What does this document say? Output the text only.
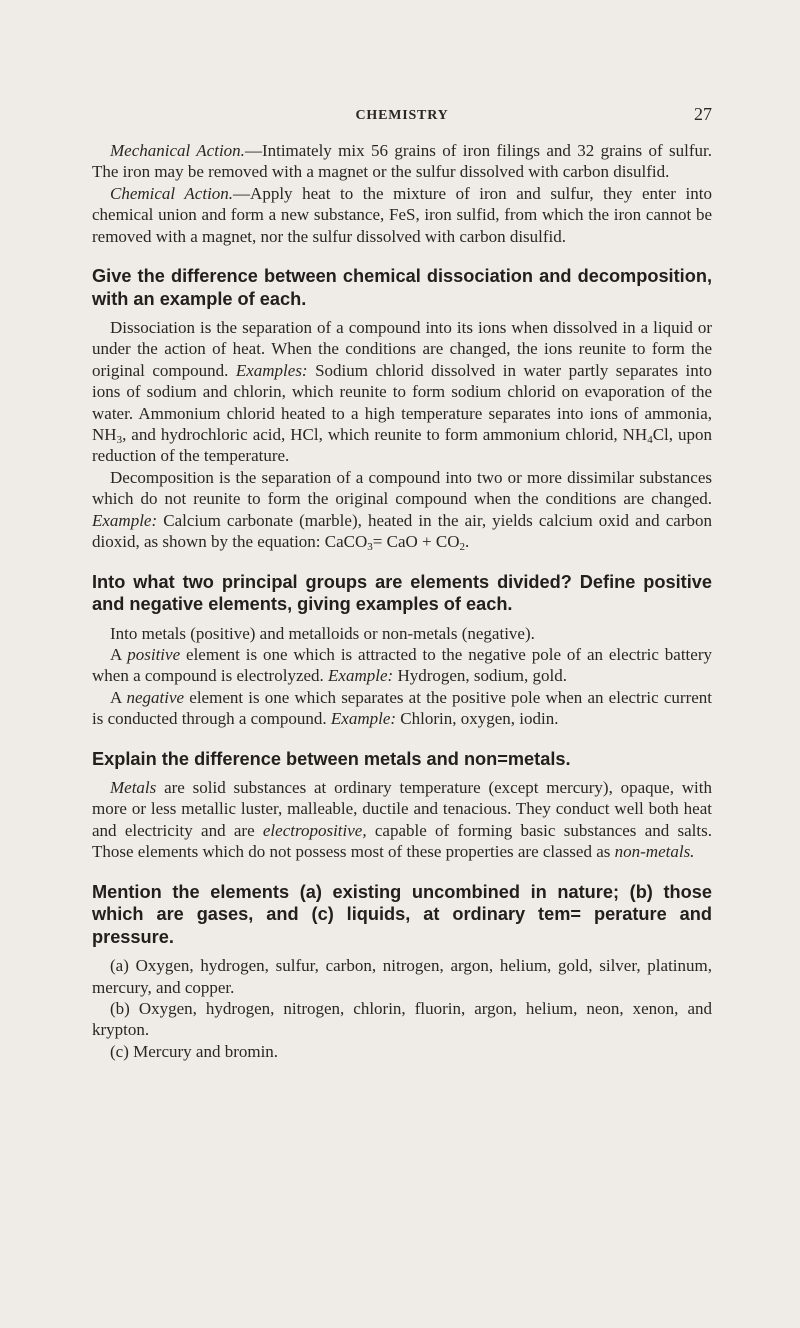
CHEMISTRY	27

Mechanical Action.—Intimately mix 56 grains of iron filings and 32 grains of sulfur. The iron may be removed with a magnet or the sulfur dissolved with carbon disulfid.

Chemical Action.—Apply heat to the mixture of iron and sulfur, they enter into chemical union and form a new substance, FeS, iron sulfid, from which the iron cannot be removed with a magnet, nor the sulfur dissolved with carbon disulfid.

Give the difference between chemical dissociation and decomposition, with an example of each.

Dissociation is the separation of a compound into its ions when dissolved in a liquid or under the action of heat. When the conditions are changed, the ions reunite to form the original compound. Examples: Sodium chlorid dissolved in water partly separates into ions of sodium and chlorin, which reunite to form sodium chlorid on evaporation of the water. Ammonium chlorid heated to a high temperature separates into ions of ammonia, $NH_3$, and hydrochloric acid, HCl, which reunite to form ammonium chlorid, $NH_4Cl$, upon reduction of the temperature.

Decomposition is the separation of a compound into two or more dissimilar substances which do not reunite to form the original compound when the conditions are changed. Example: Calcium carbonate (marble), heated in the air, yields calcium oxid and carbon dioxid, as shown by the equation: CaCO$_3$= CaO + $CO_2$.

Into what two principal groups are elements divided? Define positive and negative elements, giving examples of each.

Into metals (positive) and metalloids or non-metals (negative).

A positive element is one which is attracted to the negative pole of an electric battery when a compound is electrolyzed. Example: Hydrogen, sodium, gold.

A negative element is one which separates at the positive pole when an electric current is conducted through a compound. Example: Chlorin, oxygen, iodin.

Explain the difference between metals and non=metals.

Metals are solid substances at ordinary temperature (except mercury), opaque, with more or less metallic luster, malleable, ductile and tenacious. They conduct well both heat and electricity and are electropositive, capable of forming basic substances and salts. Those elements which do not possess most of these properties are classed as non-metals.

Mention the elements (a) existing uncombined in nature; (b) those which are gases, and (c) liquids, at ordinary tem= perature and pressure.

(a) Oxygen, hydrogen, sulfur, carbon, nitrogen, argon, helium, gold, silver, platinum, mercury, and copper.

(b) Oxygen, hydrogen, nitrogen, chlorin, fluorin, argon, helium, neon, xenon, and krypton.

(c) Mercury and bromin.
